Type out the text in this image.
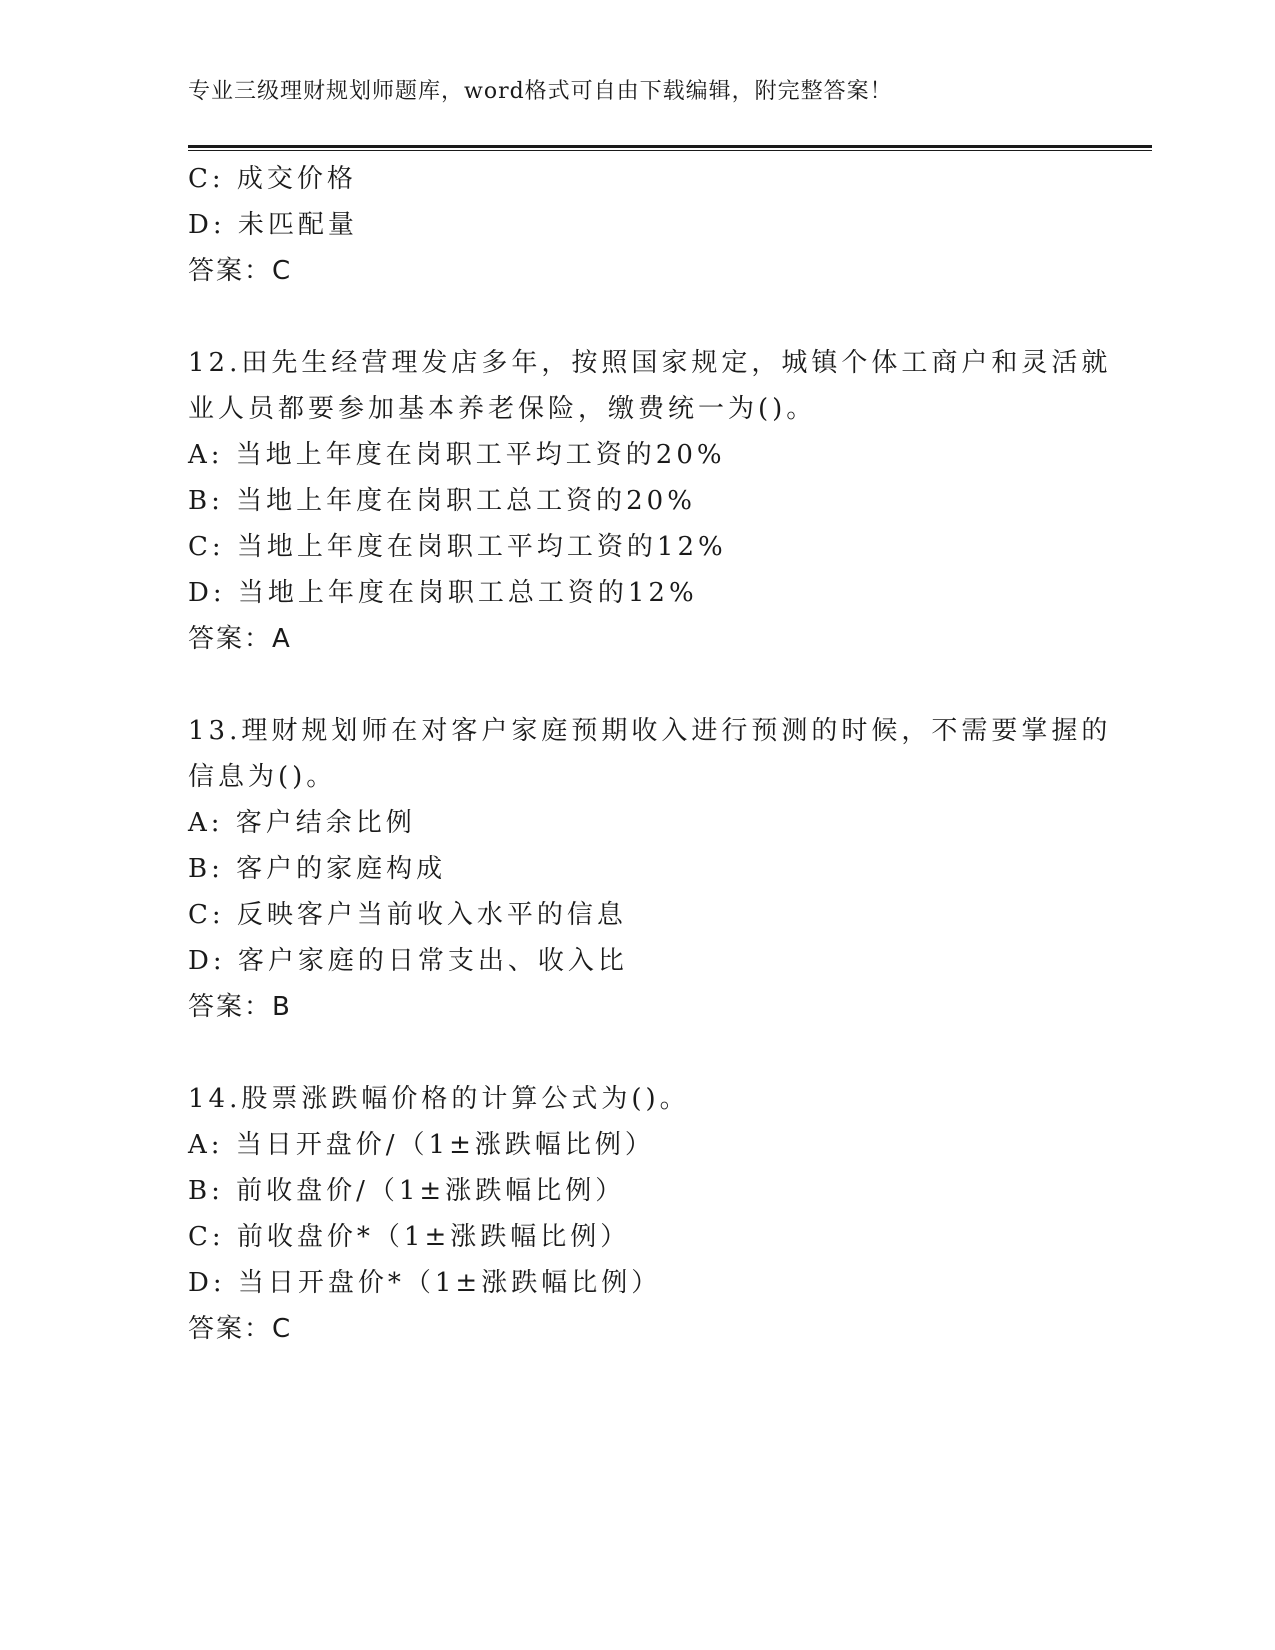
专业三级理财规划师题库，word格式可自由下载编辑，附完整答案！
C: 成交价格
D: 未匹配量
答案：C
12.田先生经营理发店多年，按照国家规定，城镇个体工商户和灵活就
业人员都要参加基本养老保险，缴费统一为()。
A: 当地上年度在岗职工平均工资的20%
B: 当地上年度在岗职工总工资的20%
C: 当地上年度在岗职工平均工资的12%
D: 当地上年度在岗职工总工资的12%
答案：A
13.理财规划师在对客户家庭预期收入进行预测的时候，不需要掌握的
信息为()。
A: 客户结余比例
B: 客户的家庭构成
C: 反映客户当前收入水平的信息
D: 客户家庭的日常支出、收入比
答案：B
14.股票涨跌幅价格的计算公式为()。
A: 当日开盘价/（1±涨跌幅比例）
B: 前收盘价/（1±涨跌幅比例）
C: 前收盘价*（1±涨跌幅比例）
D: 当日开盘价*（1±涨跌幅比例）
答案：C
